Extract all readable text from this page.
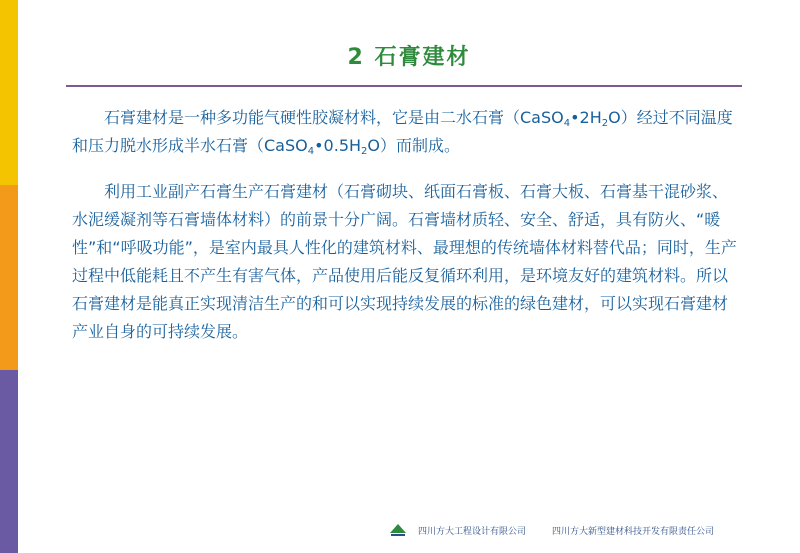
2 石膏建材

石膏建材是一种多功能气硬性胶凝材料，它是由二水石膏$(CaSO_4•2H_2O)$经过不同温度和压力脱水形成半水石膏$(CaSO_4•0.5H_2O)$而制成。

利用工业副产石膏生产石膏建材（石膏砌块、纸面石膏板、石膏大板、石膏基干混砂浆、水泥缓凝剂等石膏墙体材料）的前景十分广阔。石膏墙材质轻、安全、舒适，具有防火、“暖性”和“呼吸功能”，是室内最具人性化的建筑材料、最理想的传统墙体材料替代品；同时，生产过程中低能耗且不产生有害气体，产品使用后能反复循环利用，是环境友好的建筑材料。所以石膏建材是能真正实现清洁生产的和可以实现持续发展的标准的绿色建材，可以实现石膏建材产业自身的可持续发展。

四川方大工程设计有限公司	四川方大新型建材科技开发有限责任公司
